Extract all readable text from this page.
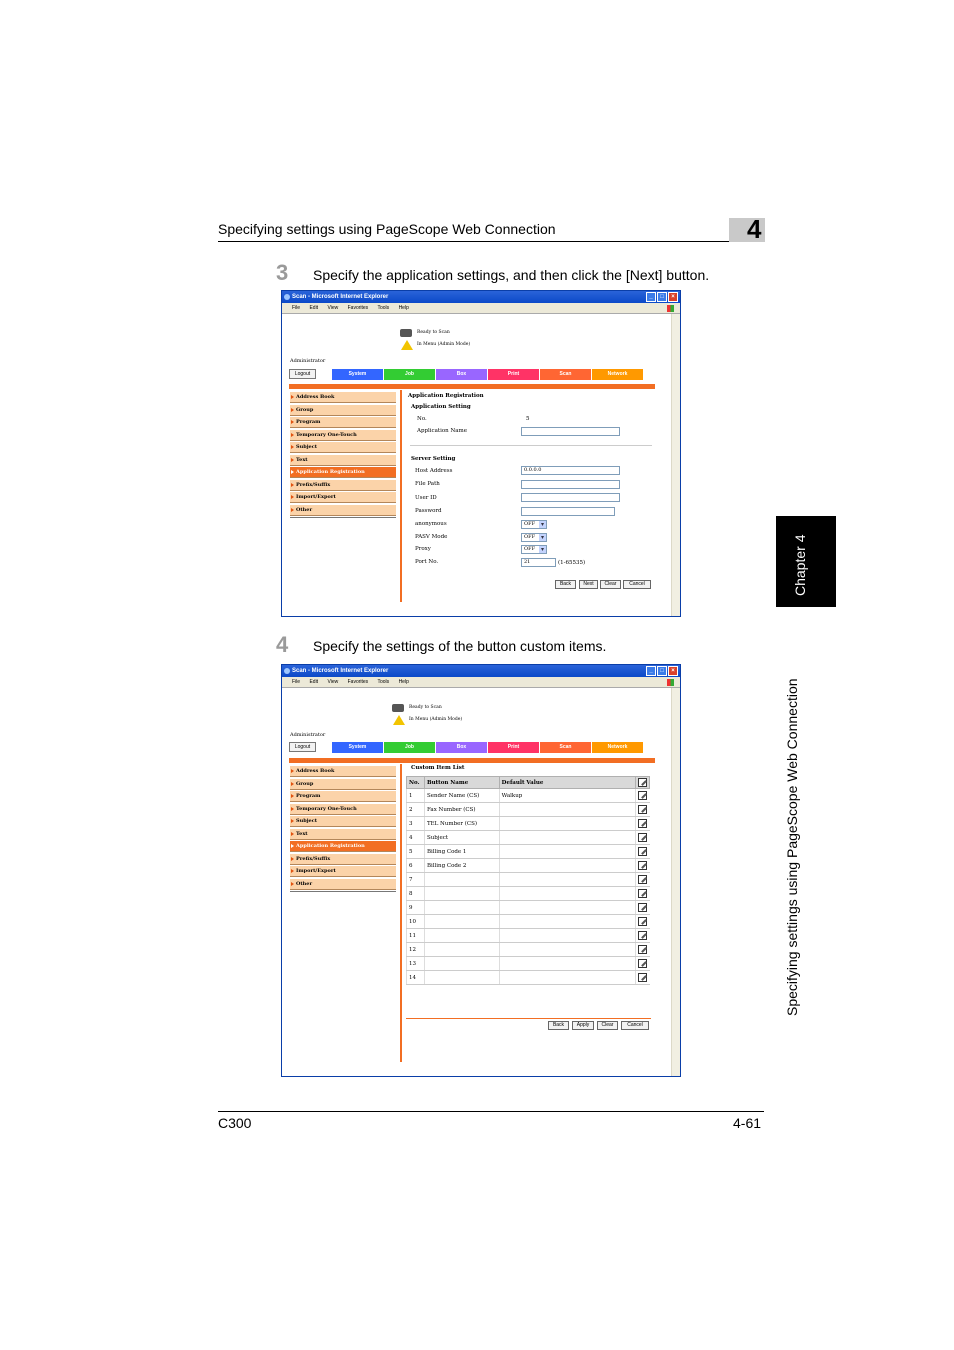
Specifying settings using PageScope Web Connection	4
Chapter 4
Specifying settings using PageScope Web Connection
3 Specify the application settings, and then click the [Next] button.
Scan - Microsoft Internet Explorer	_	□	×
File Edit View Favorites Tools Help
Ready to Scan
In Menu (Admin Mode)
Administrator
Logout	System	Job	Box	Print	Scan	Network
Address Book
Group
Program
Temporary One-Touch
Subject
Text
Application Registration
Prefix/Suffix
Import/Export
Other
Application Registration
Application Setting
No.	5
Application Name
Server Setting
Host Address	0.0.0.0
File Path
User ID
Password
anonymous	OFF ▾
PASV Mode	OFF ▾
Proxy	OFF ▾
Port No.	21	(1-65535)
Back	Next	Clear	Cancel
4 Specify the settings of the button custom items.
Scan - Microsoft Internet Explorer	_	□	×
File Edit View Favorites Tools Help
Ready to Scan
In Menu (Admin Mode)
Administrator
Logout	System	Job	Box	Print	Scan	Network
Address Book
Group
Program
Temporary One-Touch
Subject
Text
Application Registration
Prefix/Suffix
Import/Export
Other
Custom Item List
No.	Button Name	Default Value	
1	Sender Name (CS)	Walkup	
2	Fax Number (CS)		
3	TEL Number (CS)		
4	Subject		
5	Billing Code 1		
6	Billing Code 2		
7			
8			
9			
10			
11			
12			
13			
14			
Back	Apply	Clear	Cancel
C300	4-61
